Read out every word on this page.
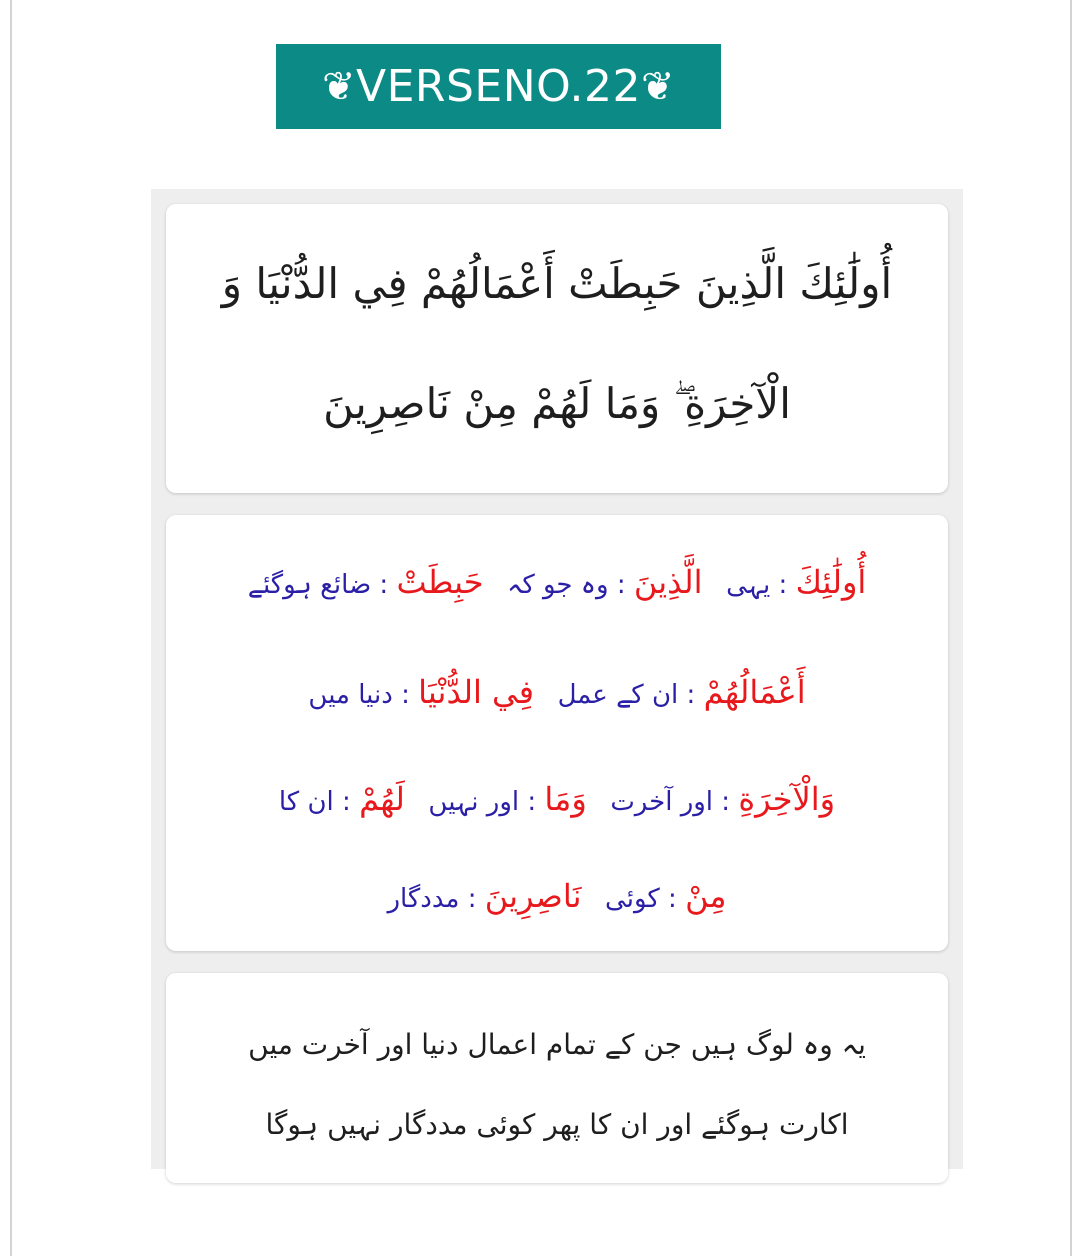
❦ VERSENO.22 ❦
أُولَٰئِكَ الَّذِينَ حَبِطَتْ أَعْمَالُهُمْ فِي الدُّنْيَا وَ
الْآخِرَةِ ۖ وَمَا لَهُمْ مِنْ نَاصِرِينَ
أُولَٰئِكَ : یہی الَّذِينَ : وہ جو کہ حَبِطَتْ : ضائع ہوگئے
أَعْمَالُهُمْ : ان کے عمل فِي الدُّنْيَا : دنیا میں
وَالْآخِرَةِ : اور آخرت وَمَا : اور نہیں لَهُمْ : ان کا
مِنْ : کوئی نَاصِرِينَ : مددگار
یہ وہ لوگ ہیں جن کے تمام اعمال دنیا اور آخرت میں
اکارت ہوگئے اور ان کا پھر کوئی مددگار نہیں ہوگا
